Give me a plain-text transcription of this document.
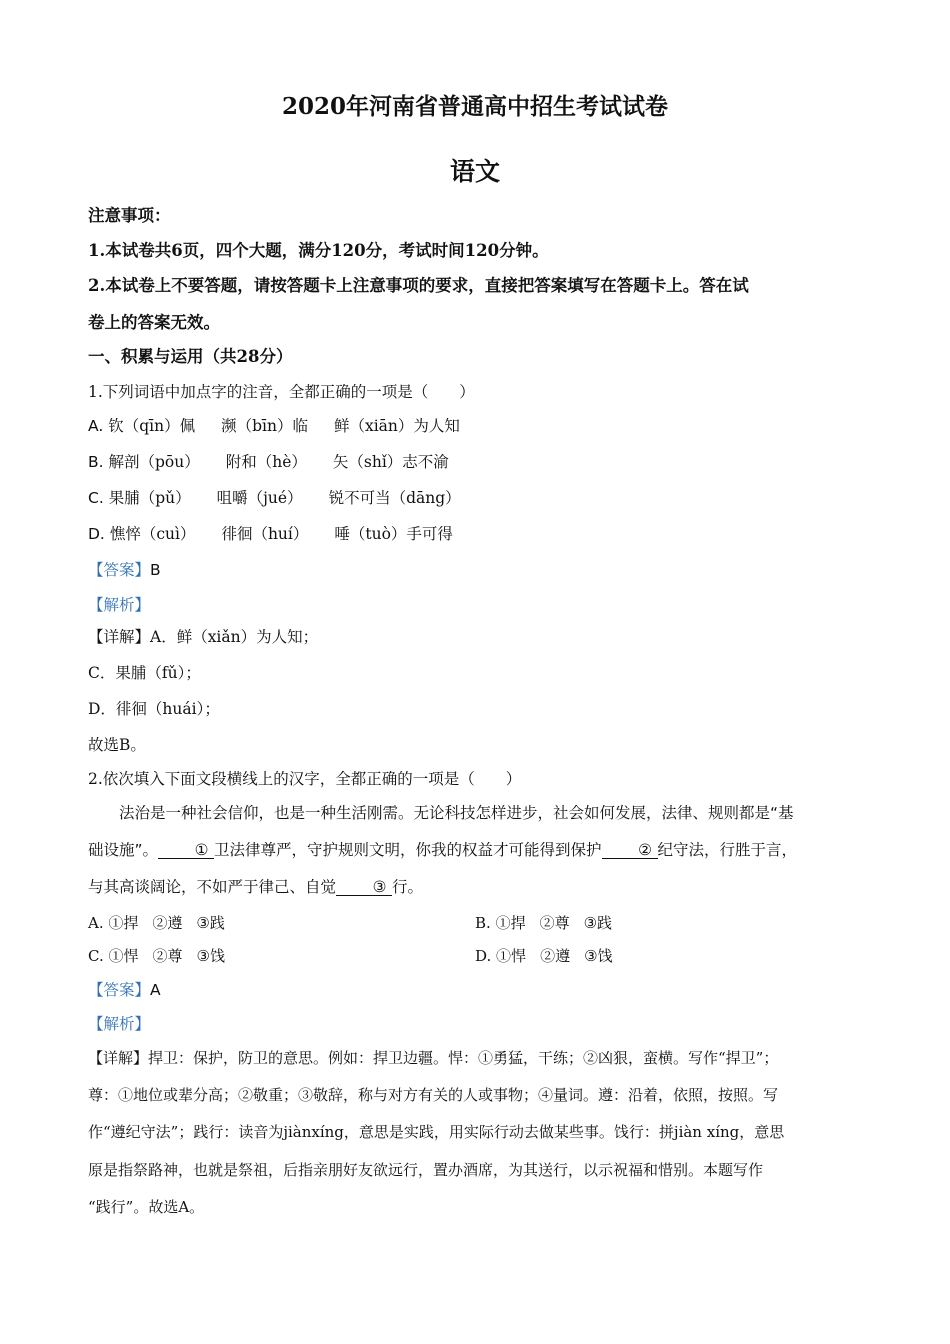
2020年河南省普通高中招生考试试卷
语文
注意事项：
1.本试卷共6页，四个大题，满分120分，考试时间120分钟。
2.本试卷上不要答题，请按答题卡上注意事项的要求，直接把答案填写在答题卡上。答在试
卷上的答案无效。
一、积累与运用（共28分）
1.下列词语中加点字的注音，全都正确的一项是（　　）
A. 钦（qīn）佩 濒（bīn）临 鲜（xiān）为人知
B. 解剖（pōu） 附和（hè） 矢（shǐ）志不渝
C. 果脯（pǔ） 咀嚼（jué） 锐不可当（dāng）
D. 憔悴（cuì） 徘徊（huí） 唾（tuò）手可得
【答案】B
【解析】
【详解】A．鲜（xiǎn）为人知；
C．果脯（fǔ）；
D．徘徊（huái）；
故选B。
2.依次填入下面文段横线上的汉字，全都正确的一项是（　　）
法治是一种社会信仰，也是一种生活刚需。无论科技怎样进步，社会如何发展，法律、规则都是“基
础设施”。 ① 卫法律尊严，守护规则文明，你我的权益才可能得到保护 ② 纪守法，行胜于言，
与其高谈阔论，不如严于律己、自觉 ③ 行。
A. ①捍 ②遵 ③践	B. ①捍 ②尊 ③践
C. ①悍 ②尊 ③饯	D. ①悍 ②遵 ③饯
【答案】A
【解析】
【详解】捍卫：保护，防卫的意思。例如：捍卫边疆。悍：①勇猛，干练；②凶狠，蛮横。写作“捍卫”；
尊：①地位或辈分高；②敬重；③敬辞，称与对方有关的人或事物；④量词。遵：沿着，依照，按照。写
作“遵纪守法”；践行：读音为jiànxíng，意思是实践，用实际行动去做某些事。饯行：拼jiàn xíng，意思
原是指祭路神，也就是祭祖，后指亲朋好友欲远行，置办酒席，为其送行，以示祝福和惜别。本题写作
“践行”。故选A。
